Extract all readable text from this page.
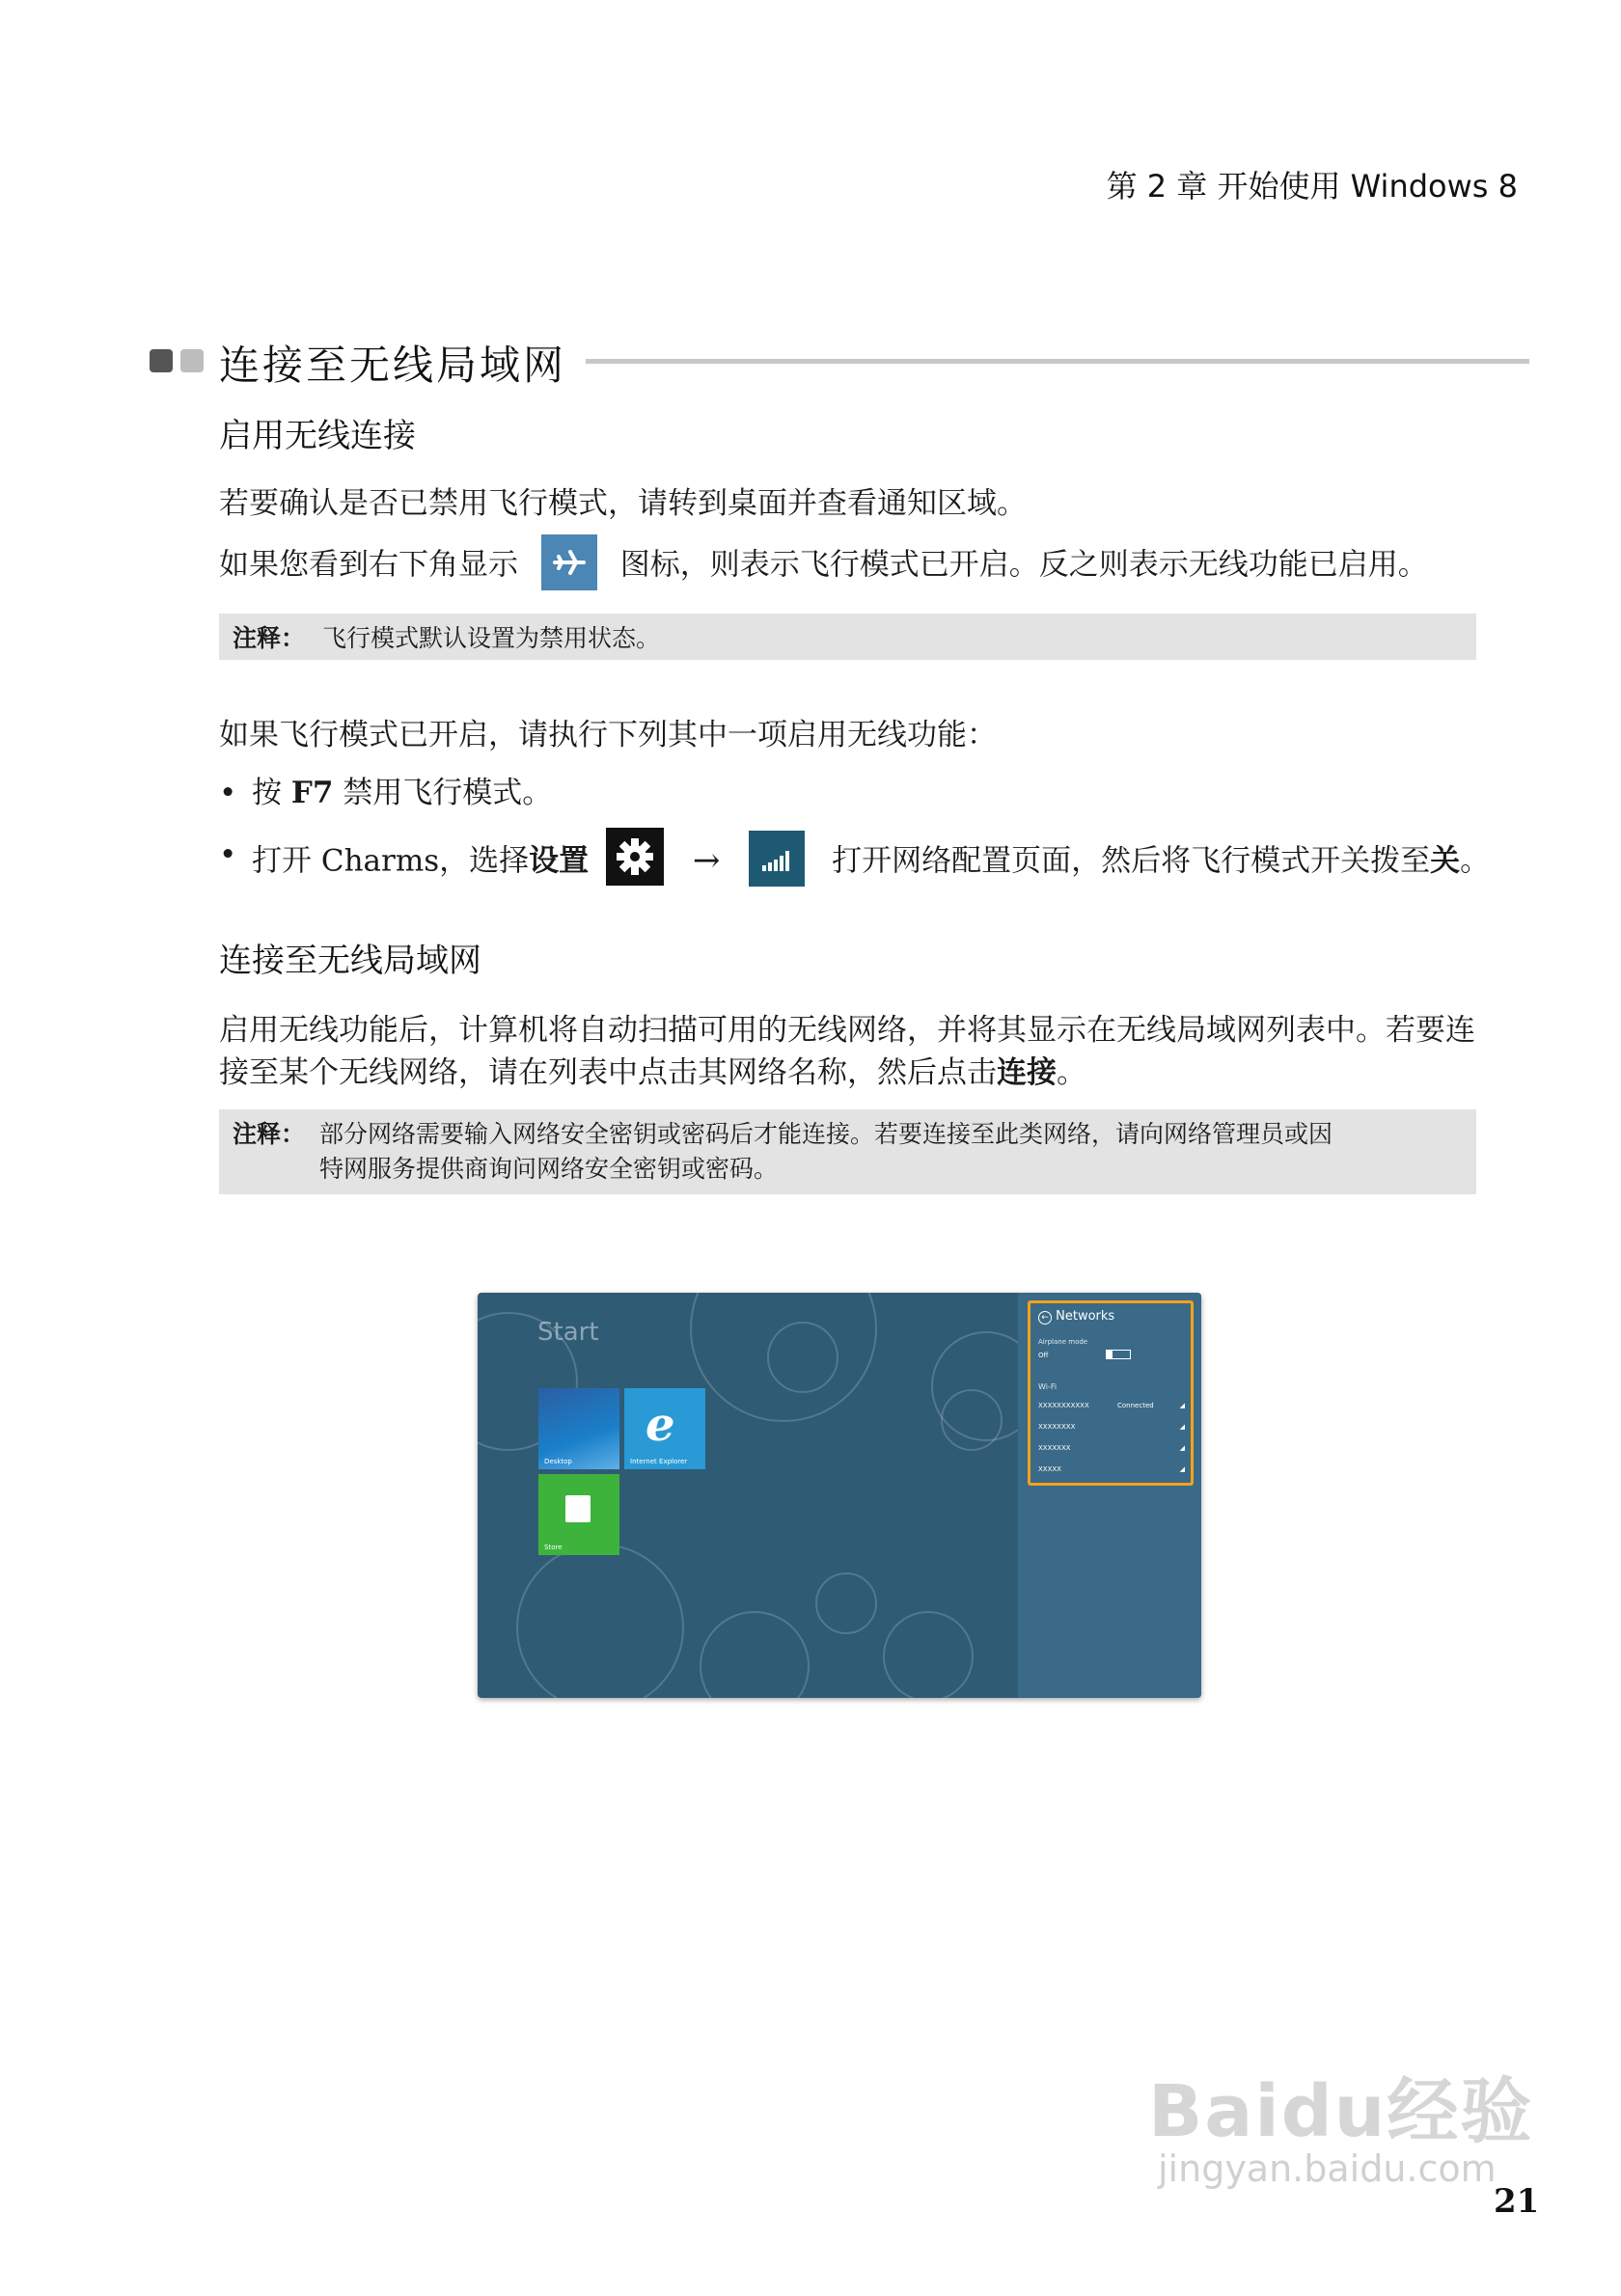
第 2 章 开始使用 Windows 8
连接至无线局域网
启用无线连接
若要确认是否已禁用飞行模式，请转到桌面并查看通知区域。
如果您看到右下角显示	图标，则表示飞行模式已开启。反之则表示无线功能已启用。
注释： 飞行模式默认设置为禁用状态。
如果飞行模式已开启，请执行下列其中一项启用无线功能：
• 按 F7 禁用飞行模式。
• 打开 Charms，选择设置	→	打开网络配置页面，然后将飞行模式开关拨至关。
连接至无线局域网
启用无线功能后，计算机将自动扫描可用的无线网络，并将其显示在无线局域网列表中。若要连
接至某个无线网络，请在列表中点击其网络名称，然后点击连接。
注释： 部分网络需要输入网络安全密钥或密码后才能连接。若要连接至此类网络，请向网络管理员或因
特网服务提供商询问网络安全密钥或密码。
Start
Desktop
e
Internet Explorer
Store
← Networks
Airplane mode
Off
Wi-Fi
XXXXXXXXXXX	Connected	◢
XXXXXXXX	◢
XXXXXXX	◢
XXXXX	◢
Baidu经验
jingyan.baidu.com
21
